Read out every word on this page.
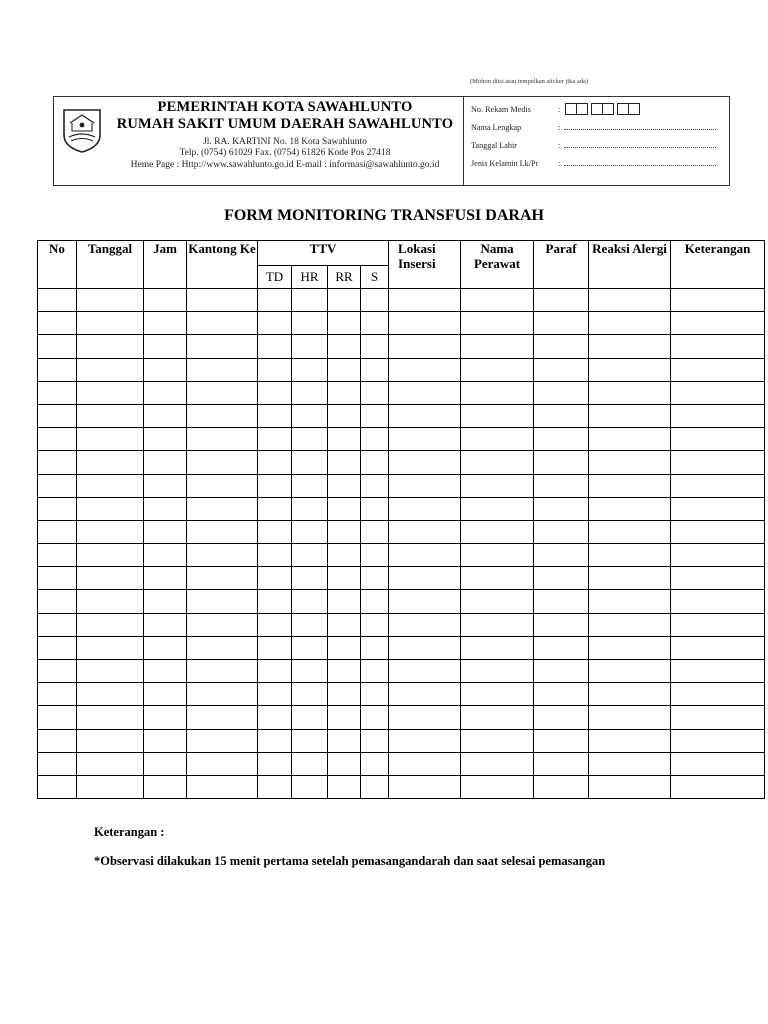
PEMERINTAH KOTA SAWAHLUNTO
RUMAH SAKIT UMUM DAERAH SAWAHLUNTO
Jl. RA. KARTINI No. 18 Kota Sawahlunto
Telp. (0754) 61029 Fax. (0754) 61826 Kode Pos 27418
Heme Page : Http://www.sawahlunto.go.id E-mail : informasi@sawahlunto.go.id
No. Rekam Medis	:
Nama Lengkap	:
Tanggal Lahir	:
Jenis Kelamin Lk/Pr :
(Mohon diisi atau tempelkan sticker jika ada)
FORM MONITORING TRANSFUSI DARAH
No	Tanggal	Jam	Kantong Ke	TTV				Lokasi Insersi	Nama Perawat	Paraf	Reaksi Alergi	Keterangan
				TD	HR	RR	S					

Keterangan :
*Observasi dilakukan 15 menit pertama setelah pemasangandarah dan saat selesai pemasangan
